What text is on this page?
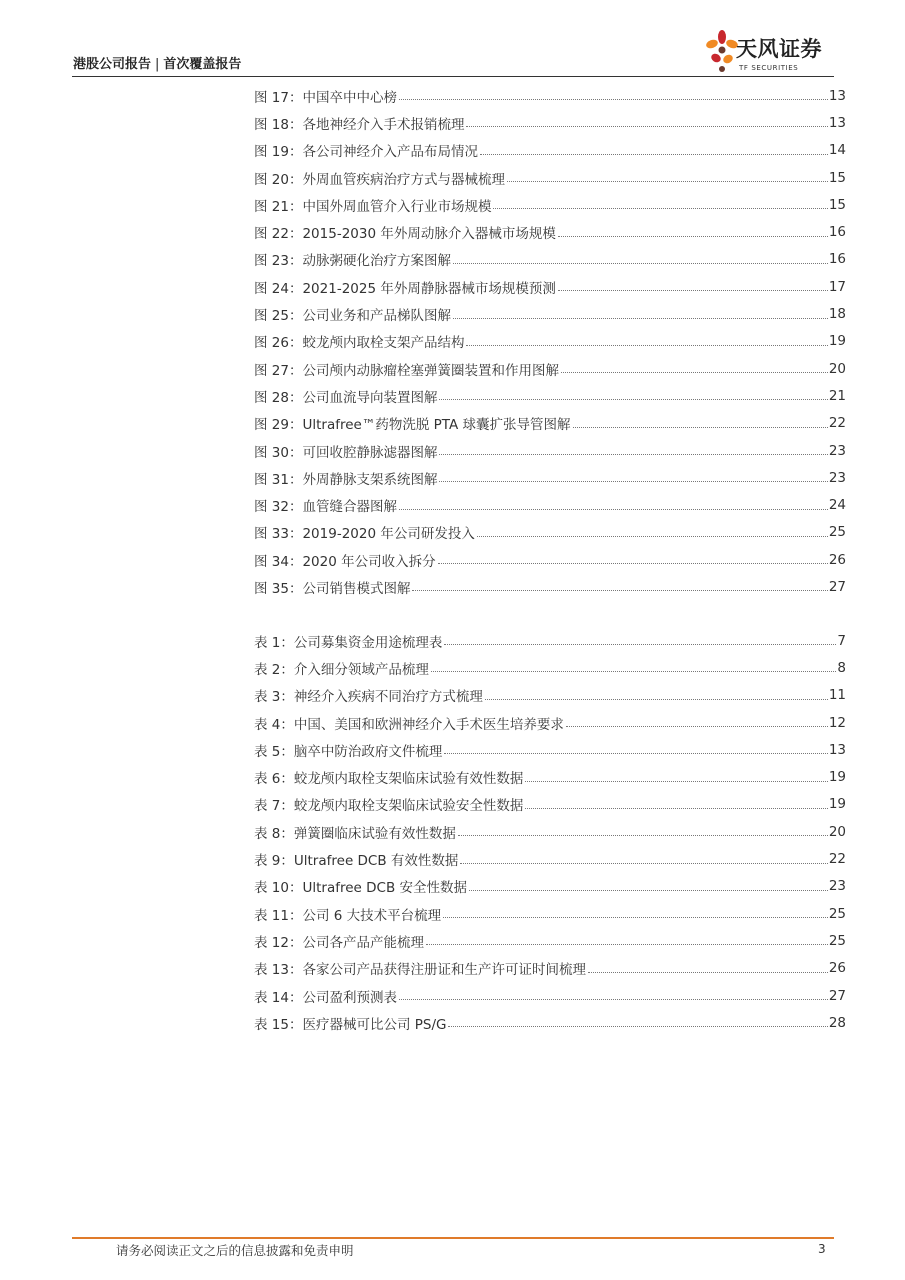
港股公司报告 | 首次覆盖报告
天风证券
TF SECURITIES
图 17：中国卒中中心榜	13
图 18：各地神经介入手术报销梳理	13
图 19：各公司神经介入产品布局情况	14
图 20：外周血管疾病治疗方式与器械梳理	15
图 21：中国外周血管介入行业市场规模	15
图 22：2015-2030 年外周动脉介入器械市场规模	16
图 23：动脉粥硬化治疗方案图解	16
图 24：2021-2025 年外周静脉器械市场规模预测	17
图 25：公司业务和产品梯队图解	18
图 26：蛟龙颅内取栓支架产品结构	19
图 27：公司颅内动脉瘤栓塞弹簧圈装置和作用图解	20
图 28：公司血流导向装置图解	21
图 29：Ultrafree™药物洗脱 PTA 球囊扩张导管图解	22
图 30：可回收腔静脉滤器图解	23
图 31：外周静脉支架系统图解	23
图 32：血管缝合器图解	24
图 33：2019-2020 年公司研发投入	25
图 34：2020 年公司收入拆分	26
图 35：公司销售模式图解	27
表 1：公司募集资金用途梳理表	7
表 2：介入细分领域产品梳理	8
表 3：神经介入疾病不同治疗方式梳理	11
表 4：中国、美国和欧洲神经介入手术医生培养要求	12
表 5：脑卒中防治政府文件梳理	13
表 6：蛟龙颅内取栓支架临床试验有效性数据	19
表 7：蛟龙颅内取栓支架临床试验安全性数据	19
表 8：弹簧圈临床试验有效性数据	20
表 9：Ultrafree DCB 有效性数据	22
表 10：Ultrafree DCB 安全性数据	23
表 11：公司 6 大技术平台梳理	25
表 12：公司各产品产能梳理	25
表 13：各家公司产品获得注册证和生产许可证时间梳理	26
表 14：公司盈利预测表	27
表 15：医疗器械可比公司 PS/G	28
请务必阅读正文之后的信息披露和免责申明	3
